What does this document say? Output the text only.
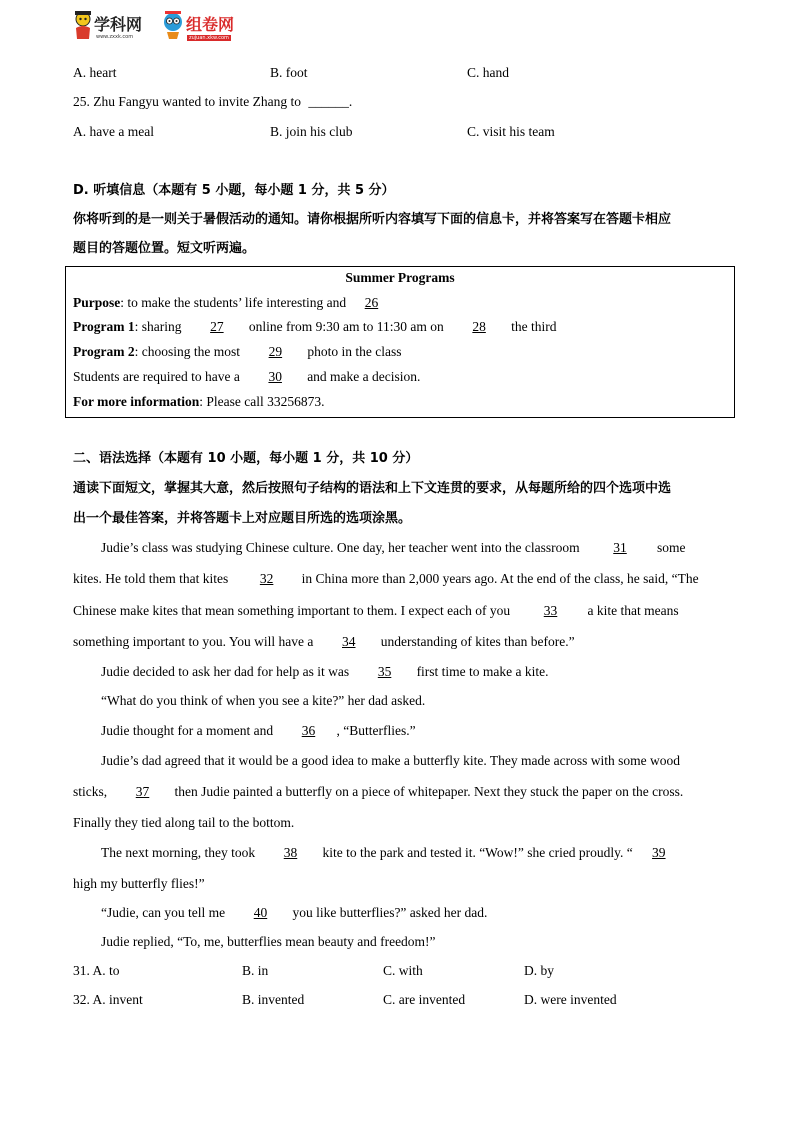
学科网
www.zxxk.com
组卷网
zujuan.xkw.com
A. heart	B. foot	C. hand
25. Zhu Fangyu wanted to invite Zhang to ______.
A. have a meal	B. join his club	C. visit his team
D. 听填信息（本题有 5 小题，每小题 1 分，共 5 分）
你将听到的是一则关于暑假活动的通知。请你根据所听内容填写下面的信息卡，并将答案写在答题卡相应
题目的答题位置。短文听两遍。
Summer Programs
Purpose: to make the students’ life interesting and 26
Program 1: sharing 27 online from 9:30 am to 11:30 am on 28 the third
Program 2: choosing the most 29 photo in the class
Students are required to have a 30 and make a decision.
For more information: Please call 33256873.
二、语法选择（本题有 10 小题，每小题 1 分，共 10 分）
通读下面短文，掌握其大意，然后按照句子结构的语法和上下文连贯的要求，从每题所给的四个选项中选
出一个最佳答案，并将答题卡上对应题目所选的选项涂黑。
Judie’s class was studying Chinese culture. One day, her teacher went into the classroom 31 some
kites. He told them that kites 32 in China more than 2,000 years ago. At the end of the class, he said, “The
Chinese make kites that mean something important to them. I expect each of you 33 a kite that means
something important to you. You will have a 34 understanding of kites than before.”
Judie decided to ask her dad for help as it was 35 first time to make a kite.
“What do you think of when you see a kite?” her dad asked.
Judie thought for a moment and 36 , “Butterflies.”
Judie’s dad agreed that it would be a good idea to make a butterfly kite. They made across with some wood
sticks, 37 then Judie painted a butterfly on a piece of whitepaper. Next they stuck the paper on the cross.
Finally they tied along tail to the bottom.
The next morning, they took 38 kite to the park and tested it. “Wow!” she cried proudly. “ 39
high my butterfly flies!”
“Judie, can you tell me 40 you like butterflies?” asked her dad.
Judie replied, “To, me, butterflies mean beauty and freedom!”
31. A. to	B. in	C. with	D. by
32. A. invent	B. invented	C. are invented	D. were invented
